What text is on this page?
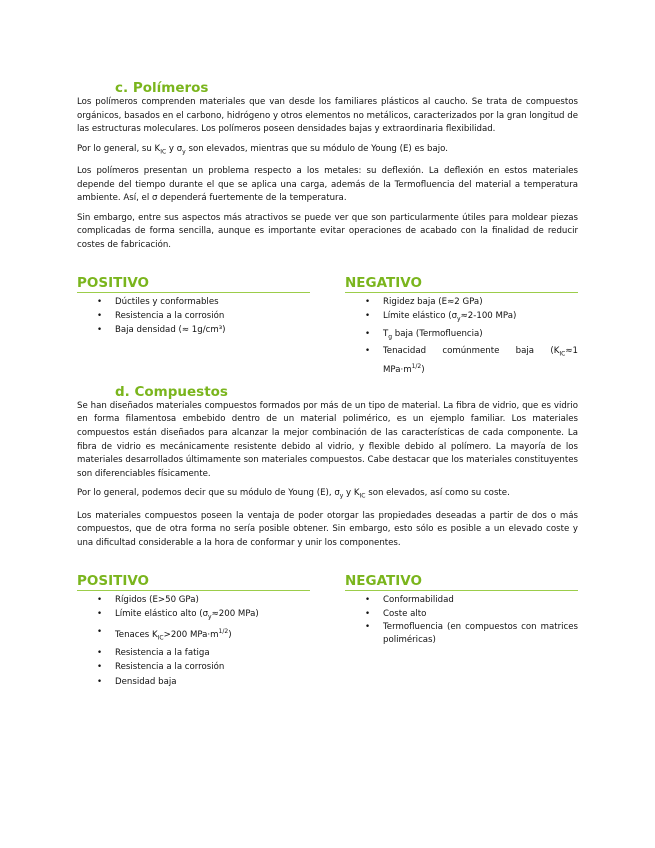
c. Polímeros

Los polímeros comprenden materiales que van desde los familiares plásticos al caucho. Se trata de compuestos orgánicos, basados en el carbono, hidrógeno y otros elementos no metálicos, caracterizados por la gran longitud de las estructuras moleculares. Los polímeros poseen densidades bajas y extraordinaria flexibilidad.

Por lo general, su $K_{IC}$ y $\sigma_y$ son elevados, mientras que su módulo de Young (E) es bajo.

Los polímeros presentan un problema respecto a los metales: su deflexión. La deflexión en estos materiales depende del tiempo durante el que se aplica una carga, además de la Termofluencia del material a temperatura ambiente. Así, el σ dependerá fuertemente de la temperatura.

Sin embargo, entre sus aspectos más atractivos se puede ver que son particularmente útiles para moldear piezas complicadas de forma sencilla, aunque es importante evitar operaciones de acabado con la finalidad de reducir costes de fabricación.

POSITIVO
• Dúctiles y conformables
• Resistencia a la corrosión
• Baja densidad (≈ 1g/cm³)
NEGATIVO
• Rigidez baja (E≈2 GPa)
• Límite elástico ($\sigma_y\approx 2-100$ MPa)
• $T_g$ baja (Termofluencia)
• Tenacidad comúnmente baja ($K_{IC}\approx 1$ $MPa\cdot m^{1/2}$)
d. Compuestos

Se han diseñados materiales compuestos formados por más de un tipo de material. La fibra de vidrio, que es vidrio en forma filamentosa embebido dentro de un material polimérico, es un ejemplo familiar. Los materiales compuestos están diseñados para alcanzar la mejor combinación de las características de cada componente. La fibra de vidrio es mecánicamente resistente debido al vidrio, y flexible debido al polímero. La mayoría de los materiales desarrollados últimamente son materiales compuestos. Cabe destacar que los materiales constituyentes son diferenciables físicamente.

Por lo general, podemos decir que su módulo de Young (E), $\sigma_y$ y $K_{IC}$ son elevados, así como su coste.

Los materiales compuestos poseen la ventaja de poder otorgar las propiedades deseadas a partir de dos o más compuestos, que de otra forma no sería posible obtener. Sin embargo, esto sólo es posible a un elevado coste y una dificultad considerable a la hora de conformar y unir los componentes.

POSITIVO
• Rígidos (E>50 GPa)
• Límite elástico alto ($\sigma_y\approx 200$ MPa)
• Tenaces $K_{IC}>200$ $MPa\cdot m^{1/2}$)
• Resistencia a la fatiga
• Resistencia a la corrosión
• Densidad baja
NEGATIVO
• Conformabilidad
• Coste alto
• Termofluencia (en compuestos con matrices poliméricas)
